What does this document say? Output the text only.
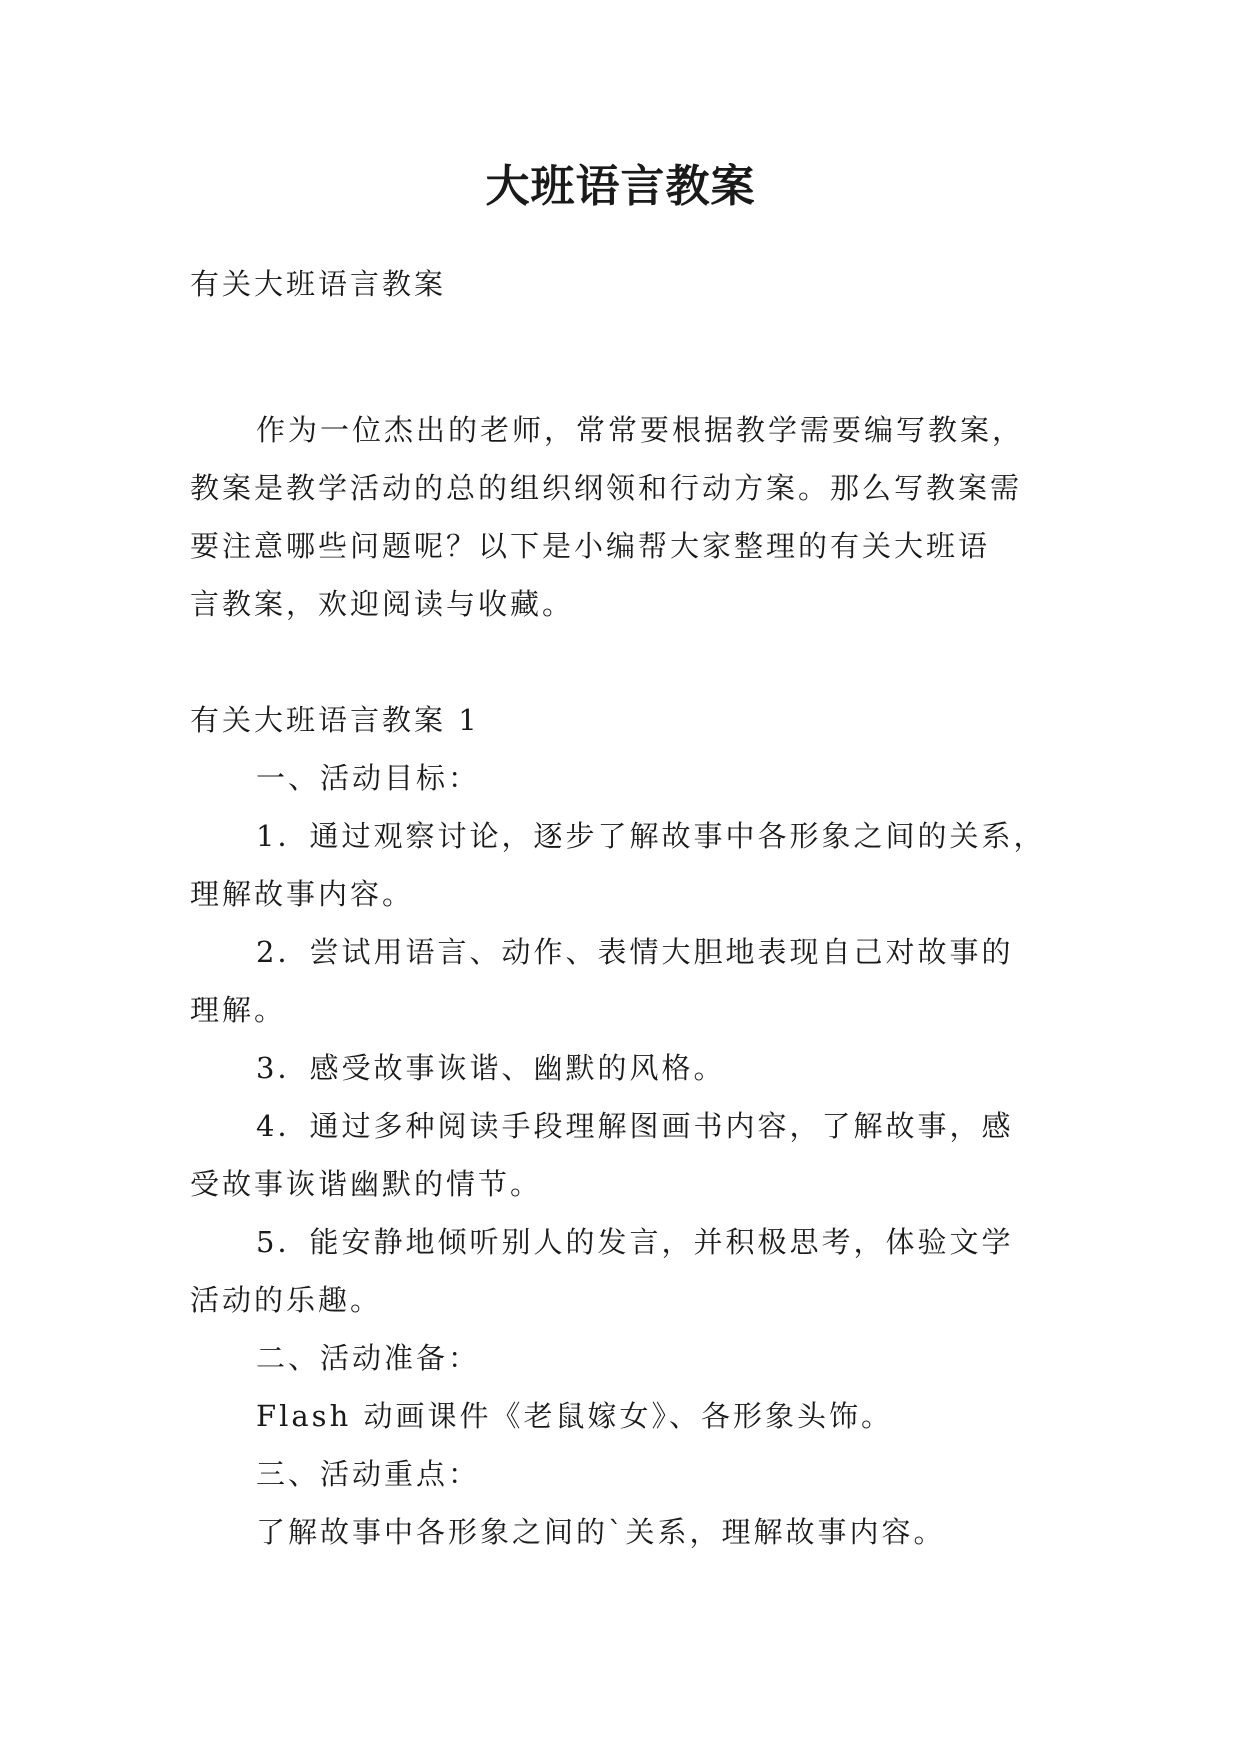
大班语言教案
有关大班语言教案
作为一位杰出的老师，常常要根据教学需要编写教案，
教案是教学活动的总的组织纲领和行动方案。那么写教案需
要注意哪些问题呢？以下是小编帮大家整理的有关大班语
言教案，欢迎阅读与收藏。
有关大班语言教案 1
一、活动目标：
1．通过观察讨论，逐步了解故事中各形象之间的关系，
理解故事内容。
2．尝试用语言、动作、表情大胆地表现自己对故事的
理解。
3．感受故事诙谐、幽默的风格。
4．通过多种阅读手段理解图画书内容，了解故事，感
受故事诙谐幽默的情节。
5．能安静地倾听别人的发言，并积极思考，体验文学
活动的乐趣。
二、活动准备：
Flash 动画课件《老鼠嫁女》、各形象头饰。
三、活动重点：
了解故事中各形象之间的`关系，理解故事内容。
